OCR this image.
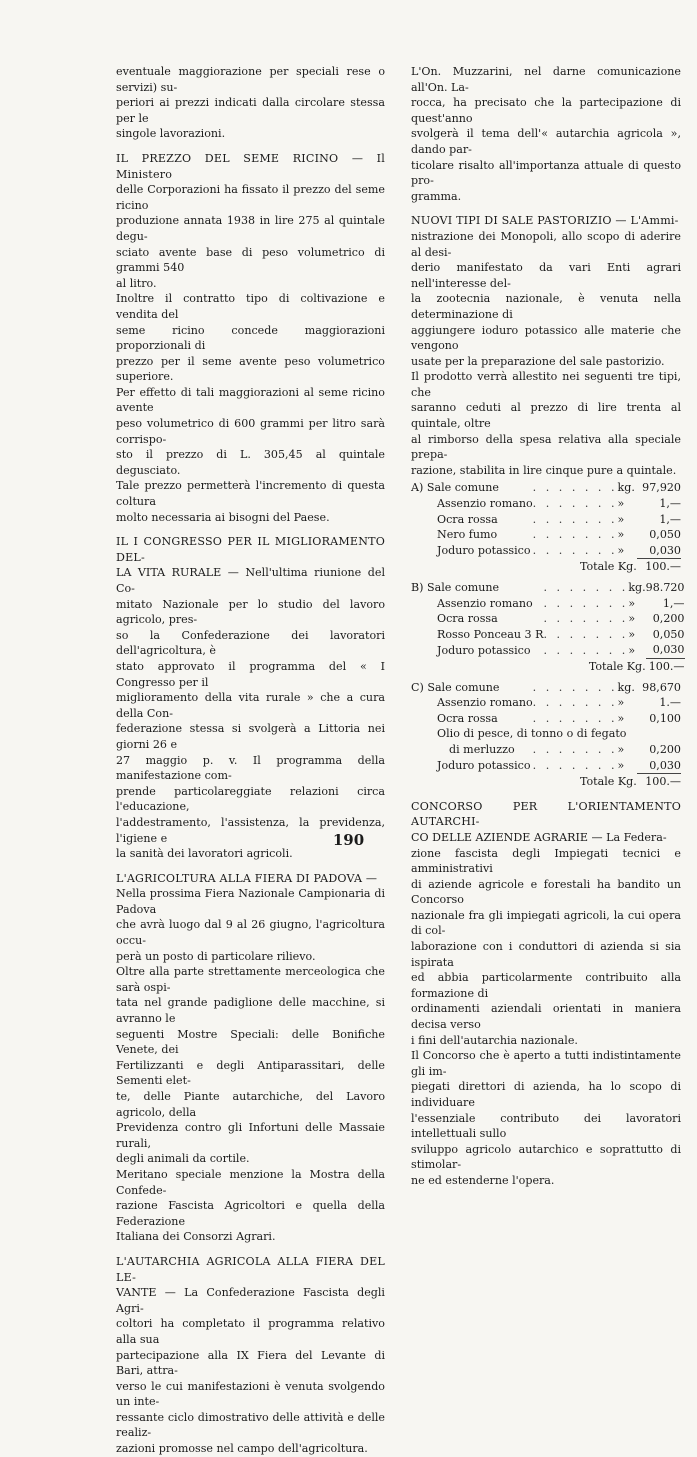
eventuale maggiorazione per speciali rese o servizi) su-

periori ai prezzi indicati dalla circolare stessa per le

singole lavorazioni.

IL PREZZO DEL SEME RICINO — Il Ministero

delle Corporazioni ha fissato il prezzo del seme ricino

produzione annata 1938 in lire 275 al quintale degu-

sciato avente base di peso volumetrico di grammi 540

al litro.

Inoltre il contratto tipo di coltivazione e vendita del

seme ricino concede maggiorazioni proporzionali di

prezzo per il seme avente peso volumetrico superiore.

Per effetto di tali maggiorazioni al seme ricino avente

peso volumetrico di 600 grammi per litro sarà corrispo-

sto il prezzo di L. 305,45 al quintale degusciato.

Tale prezzo permetterà l'incremento di questa coltura

molto necessaria ai bisogni del Paese.

IL I CONGRESSO PER IL MIGLIORAMENTO DEL-

LA VITA RURALE — Nell'ultima riunione del Co-

mitato Nazionale per lo studio del lavoro agricolo, pres-

so la Confederazione dei lavoratori dell'agricoltura, è

stato approvato il programma del « I Congresso per il

miglioramento della vita rurale » che a cura della Con-

federazione stessa si svolgerà a Littoria nei giorni 26 e

27 maggio p. v. Il programma della manifestazione com-

prende particolareggiate relazioni circa l'educazione,

l'addestramento, l'assistenza, la previdenza, l'igiene e

la sanità dei lavoratori agricoli.

L'AGRICOLTURA ALLA FIERA DI PADOVA —

Nella prossima Fiera Nazionale Campionaria di Padova

che avrà luogo dal 9 al 26 giugno, l'agricoltura occu-

perà un posto di particolare rilievo.

Oltre alla parte strettamente merceologica che sarà ospi-

tata nel grande padiglione delle macchine, si avranno le

seguenti Mostre Speciali: delle Bonifiche Venete, dei

Fertilizzanti e degli Antiparassitari, delle Sementi elet-

te, delle Piante autarchiche, del Lavoro agricolo, della

Previdenza contro gli Infortuni delle Massaie rurali,

degli animali da cortile.

Meritano speciale menzione la Mostra della Confede-

razione Fascista Agricoltori e quella della Federazione

Italiana dei Consorzi Agrari.

L'AUTARCHIA AGRICOLA ALLA FIERA DEL LE-

VANTE — La Confederazione Fascista degli Agri-

coltori ha completato il programma relativo alla sua

partecipazione alla IX Fiera del Levante di Bari, attra-

verso le cui manifestazioni è venuta svolgendo un inte-

ressante ciclo dimostrativo delle attività e delle realiz-

zazioni promosse nel campo dell'agricoltura.

L'On. Muzzarini, nel darne comunicazione all'On. La-

rocca, ha precisato che la partecipazione di quest'anno

svolgerà il tema dell'« autarchia agricola », dando par-

ticolare risalto all'importanza attuale di questo pro-

gramma.

NUOVI TIPI DI SALE PASTORIZIO — L'Ammi-

nistrazione dei Monopoli, allo scopo di aderire al desi-

derio manifestato da vari Enti agrari nell'interesse del-

la zootecnia nazionale, è venuta nella determinazione di

aggiungere ioduro potassico alle materie che vengono

usate per la preparazione del sale pastorizio.

Il prodotto verrà allestito nei seguenti tre tipi, che

saranno ceduti al prezzo di lire trenta al quintale, oltre

al rimborso della spesa relativa alla speciale prepa-

razione, stabilita in lire cinque pure a quintale.

A) Sale comune	. . . . . . .	kg.	97,920
Assenzio romano	. . . . . . .	»	1,—
Ocra rossa	. . . . . . .	»	1,—
Nero fumo	. . . . . . .	»	0,050
Joduro potassico	. . . . . . .	»	0,030
Totale Kg.			100.—
B) Sale comune	. . . . . . .	kg.	98.720
Assenzio romano	. . . . . . .	»	1,—
Ocra rossa	. . . . . . .	»	0,200
Rosso Ponceau 3 R	. . . . . . .	»	0,050
Joduro potassico	. . . . . . .	»	0,030
Totale Kg.			100.—
C) Sale comune	. . . . . . .	kg.	98,670
Assenzio romano	. . . . . . .	»	1.—
Ocra rossa	. . . . . . .	»	0,100
Olio di pesce, di tonno o di fegato			
di merluzzo	. . . . . . .	»	0,200
Joduro potassico	. . . . . . .	»	0,030
Totale Kg.			100.—

CONCORSO PER L'ORIENTAMENTO AUTARCHI-

CO DELLE AZIENDE AGRARIE — La Federa-

zione fascista degli Impiegati tecnici e amministrativi

di aziende agricole e forestali ha bandito un Concorso

nazionale fra gli impiegati agricoli, la cui opera di col-

laborazione con i conduttori di azienda si sia ispirata

ed abbia particolarmente contribuito alla formazione di

ordinamenti aziendali orientati in maniera decisa verso

i fini dell'autarchia nazionale.

Il Concorso che è aperto a tutti indistintamente gli im-

piegati direttori di azienda, ha lo scopo di individuare

l'essenziale contributo dei lavoratori intellettuali sullo

sviluppo agricolo autarchico e soprattutto di stimolar-

ne ed estenderne l'opera.

190
